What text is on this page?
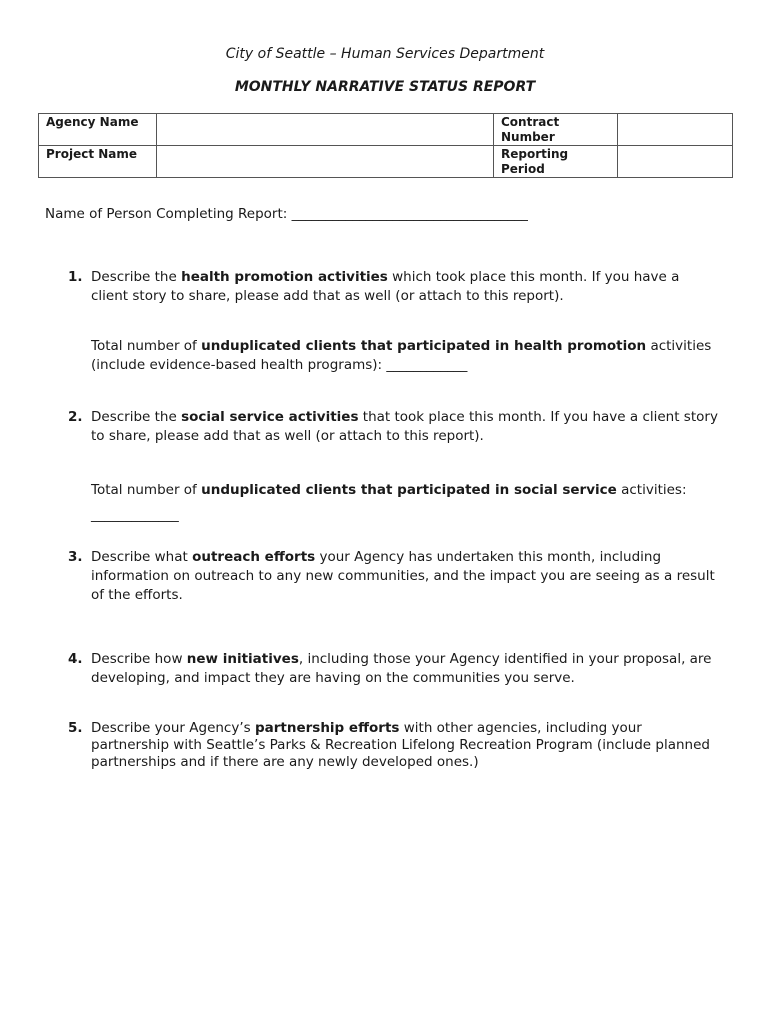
City of Seattle – Human Services Department
MONTHLY NARRATIVE STATUS REPORT
Agency Name		Contract
Number	
Project Name		Reporting
Period	
Name of Person Completing Report: ___________________________________
1. Describe the health promotion activities which took place this month. If you have a client story to share, please add that as well (or attach to this report).
Total number of unduplicated clients that participated in health promotion activities (include evidence-based health programs): ____________
2. Describe the social service activities that took place this month. If you have a client story to share, please add that as well (or attach to this report).
Total number of unduplicated clients that participated in social service activities: _____________
3. Describe what outreach efforts your Agency has undertaken this month, including information on outreach to any new communities, and the impact you are seeing as a result of the efforts.
4. Describe how new initiatives, including those your Agency identified in your proposal, are developing, and impact they are having on the communities you serve.
5. Describe your Agency’s partnership efforts with other agencies, including your partnership with Seattle’s Parks & Recreation Lifelong Recreation Program (include planned partnerships and if there are any newly developed ones.)
